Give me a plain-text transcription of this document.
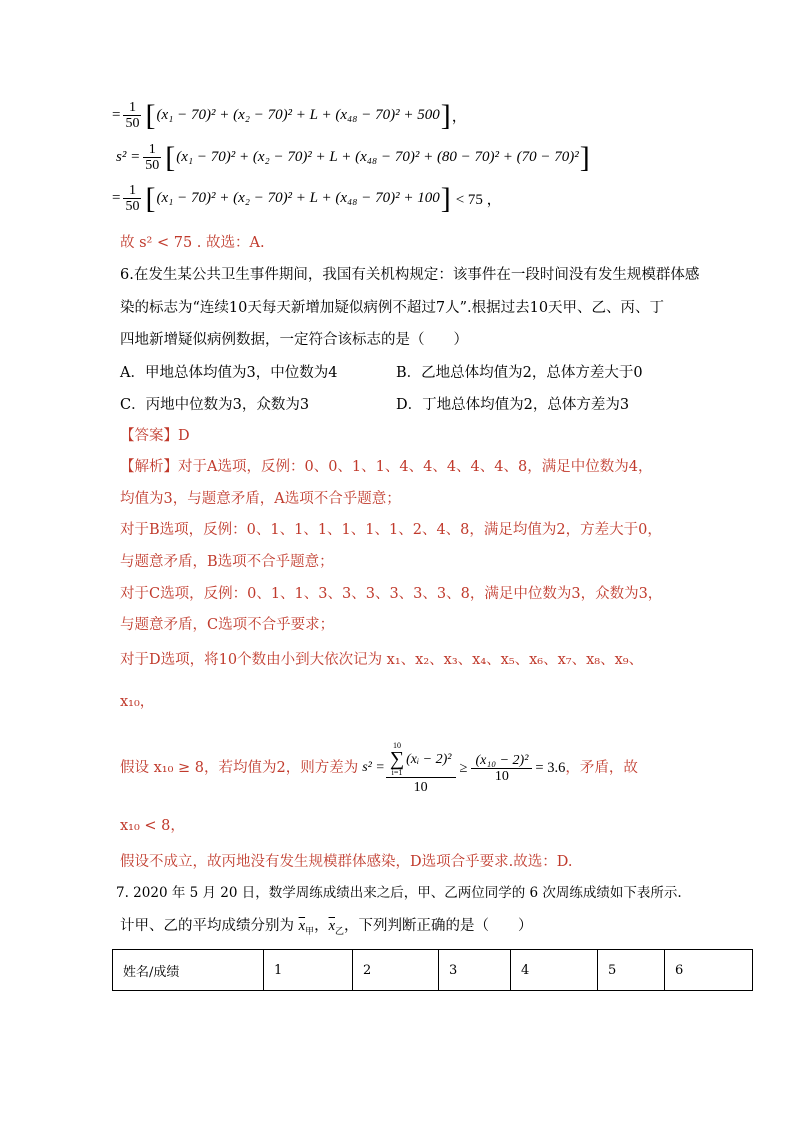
= $\frac{1}{50}$ [ (x₁ − 70)² + (x₂ − 70)² + L + (x₄₈ − 70)² + 500 ] ，
$s^2 = \frac{1}{50}$ [ (x₁ − 70)² + (x₂ − 70)² + L + (x₄₈ − 70)² + (80 − 70)² + (70 − 70)² ]
= $\frac{1}{50}$ [ (x₁ − 70)² + (x₂ − 70)² + L + (x₄₈ − 70)² + 100 ] < 75 ，
故 s² < 75 . 故选：A.
6.在发生某公共卫生事件期间，我国有关机构规定：该事件在一段时间没有发生规模群体感
染的标志为“连续10天每天新增加疑似病例不超过7人”.根据过去10天甲、乙、丙、丁
四地新增疑似病例数据，一定符合该标志的是（　　）
A．甲地总体均值为3，中位数为4	B．乙地总体均值为2，总体方差大于0
C．丙地中位数为3，众数为3	D．丁地总体均值为2，总体方差为3
【答案】D
【解析】对于A选项，反例：0、0、1、1、4、4、4、4、4、8，满足中位数为4，
均值为3，与题意矛盾，A选项不合乎题意；
对于B选项，反例：0、1、1、1、1、1、1、2、4、8，满足均值为2，方差大于0，
与题意矛盾，B选项不合乎题意；
对于C选项，反例：0、1、1、3、3、3、3、3、3、8，满足中位数为3，众数为3，
与题意矛盾，C选项不合乎要求；
对于D选项，将10个数由小到大依次记为 x₁、x₂、x₃、x₄、x₅、x₆、x₇、x₈、x₉、
x₁₀，
假设 x₁₀ ≥ 8，若均值为2，则方差为 s² = 10
∑
i=1
(xᵢ − 2)²
$10 \ge \frac{\text{(x₁₀ − 2)²}}{10} = 3.6$ ，矛盾，故
x₁₀ < 8，
假设不成立，故丙地没有发生规模群体感染，D选项合乎要求.故选：D.
7. 2020 年 5 月 20 日，数学周练成绩出来之后，甲、乙两位同学的 6 次周练成绩如下表所示.
计甲、乙的平均成绩分别为 $\overline{x}_甲$，$\overline{x}_乙$，下列判断正确的是（　　）
姓名/成绩	1	2	3	4	5	6
